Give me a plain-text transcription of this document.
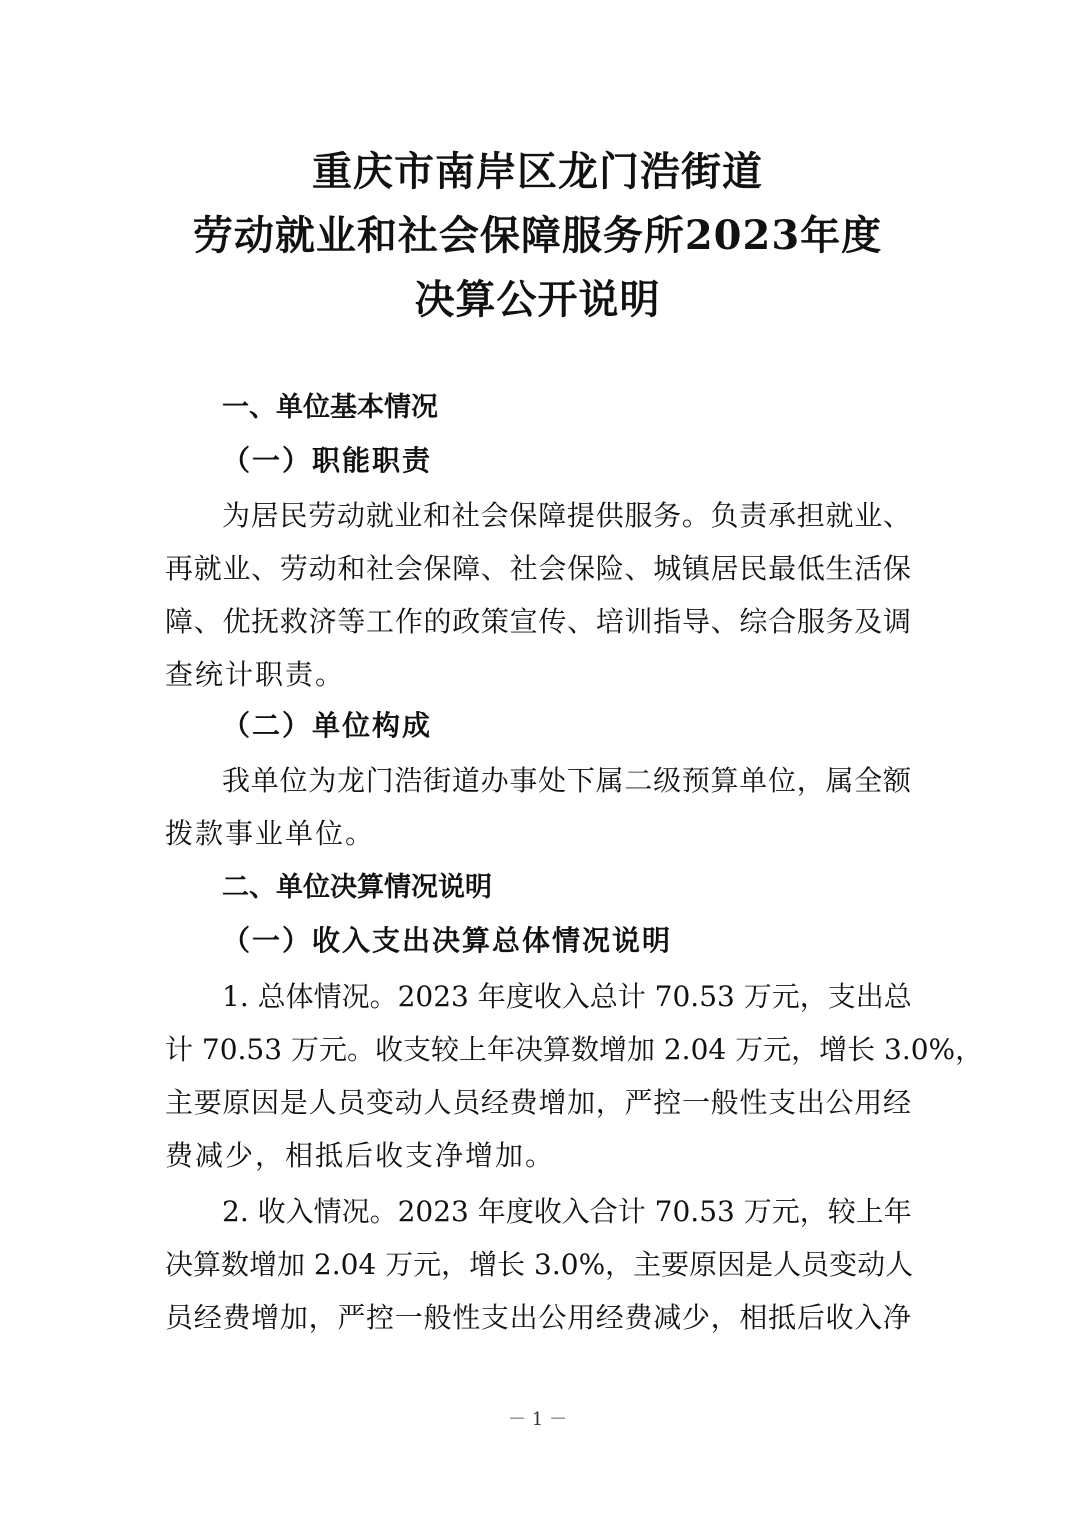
重庆市南岸区龙门浩街道
劳动就业和社会保障服务所2023年度
决算公开说明
一、单位基本情况
（一）职能职责
为居民劳动就业和社会保障提供服务。负责承担就业、
再就业、劳动和社会保障、社会保险、城镇居民最低生活保
障、优抚救济等工作的政策宣传、培训指导、综合服务及调
查统计职责。
（二）单位构成
我单位为龙门浩街道办事处下属二级预算单位，属全额
拨款事业单位。
二、单位决算情况说明
（一）收入支出决算总体情况说明
1. 总体情况。2023 年度收入总计 70.53 万元，支出总
计 70.53 万元。收支较上年决算数增加 2.04 万元，增长 3.0%，
主要原因是人员变动人员经费增加，严控一般性支出公用经
费减少，相抵后收支净增加。
2. 收入情况。2023 年度收入合计 70.53 万元，较上年
决算数增加 2.04 万元，增长 3.0%，主要原因是人员变动人
员经费增加，严控一般性支出公用经费减少，相抵后收入净

－ 1 －
